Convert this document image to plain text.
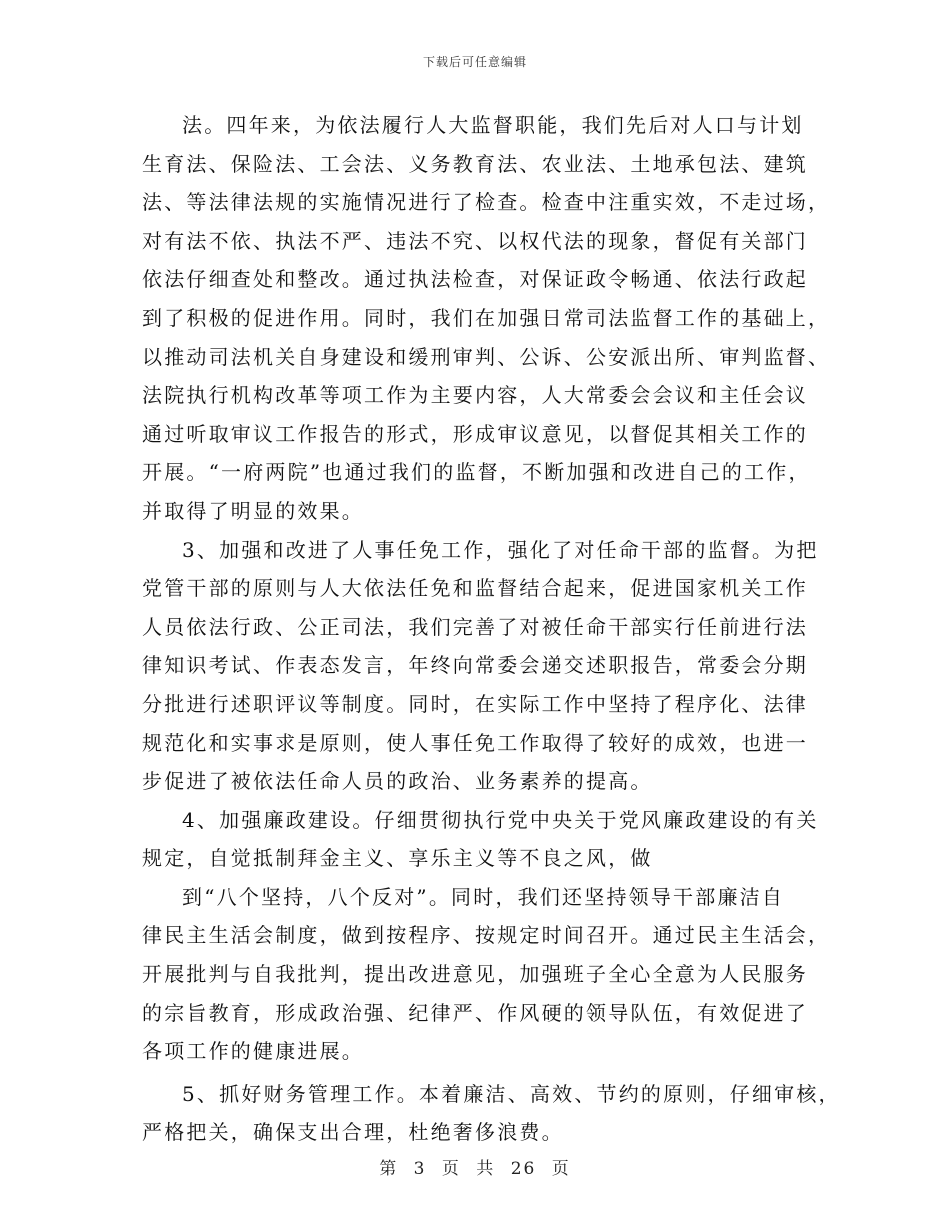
下载后可任意编辑
法。四年来，为依法履行人大监督职能，我们先后对人口与计划
生育法、保险法、工会法、义务教育法、农业法、土地承包法、建筑
法、等法律法规的实施情况进行了检查。检查中注重实效，不走过场，
对有法不依、执法不严、违法不究、以权代法的现象，督促有关部门
依法仔细查处和整改。通过执法检查，对保证政令畅通、依法行政起
到了积极的促进作用。同时，我们在加强日常司法监督工作的基础上，
以推动司法机关自身建设和缓刑审判、公诉、公安派出所、审判监督、
法院执行机构改革等项工作为主要内容，人大常委会会议和主任会议
通过听取审议工作报告的形式，形成审议意见，以督促其相关工作的
开展。“一府两院”也通过我们的监督，不断加强和改进自己的工作，
并取得了明显的效果。
3、加强和改进了人事任免工作，强化了对任命干部的监督。为把
党管干部的原则与人大依法任免和监督结合起来，促进国家机关工作
人员依法行政、公正司法，我们完善了对被任命干部实行任前进行法
律知识考试、作表态发言，年终向常委会递交述职报告，常委会分期
分批进行述职评议等制度。同时，在实际工作中坚持了程序化、法律
规范化和实事求是原则，使人事任免工作取得了较好的成效，也进一
步促进了被依法任命人员的政治、业务素养的提高。
4、加强廉政建设。仔细贯彻执行党中央关于党风廉政建设的有关
规定，自觉抵制拜金主义、享乐主义等不良之风，做
到“八个坚持，八个反对”。同时，我们还坚持领导干部廉洁自
律民主生活会制度，做到按程序、按规定时间召开。通过民主生活会，
开展批判与自我批判，提出改进意见，加强班子全心全意为人民服务
的宗旨教育，形成政治强、纪律严、作风硬的领导队伍，有效促进了
各项工作的健康进展。
5、抓好财务管理工作。本着廉洁、高效、节约的原则，仔细审核，
严格把关，确保支出合理，杜绝奢侈浪费。
第 3 页 共 26 页
